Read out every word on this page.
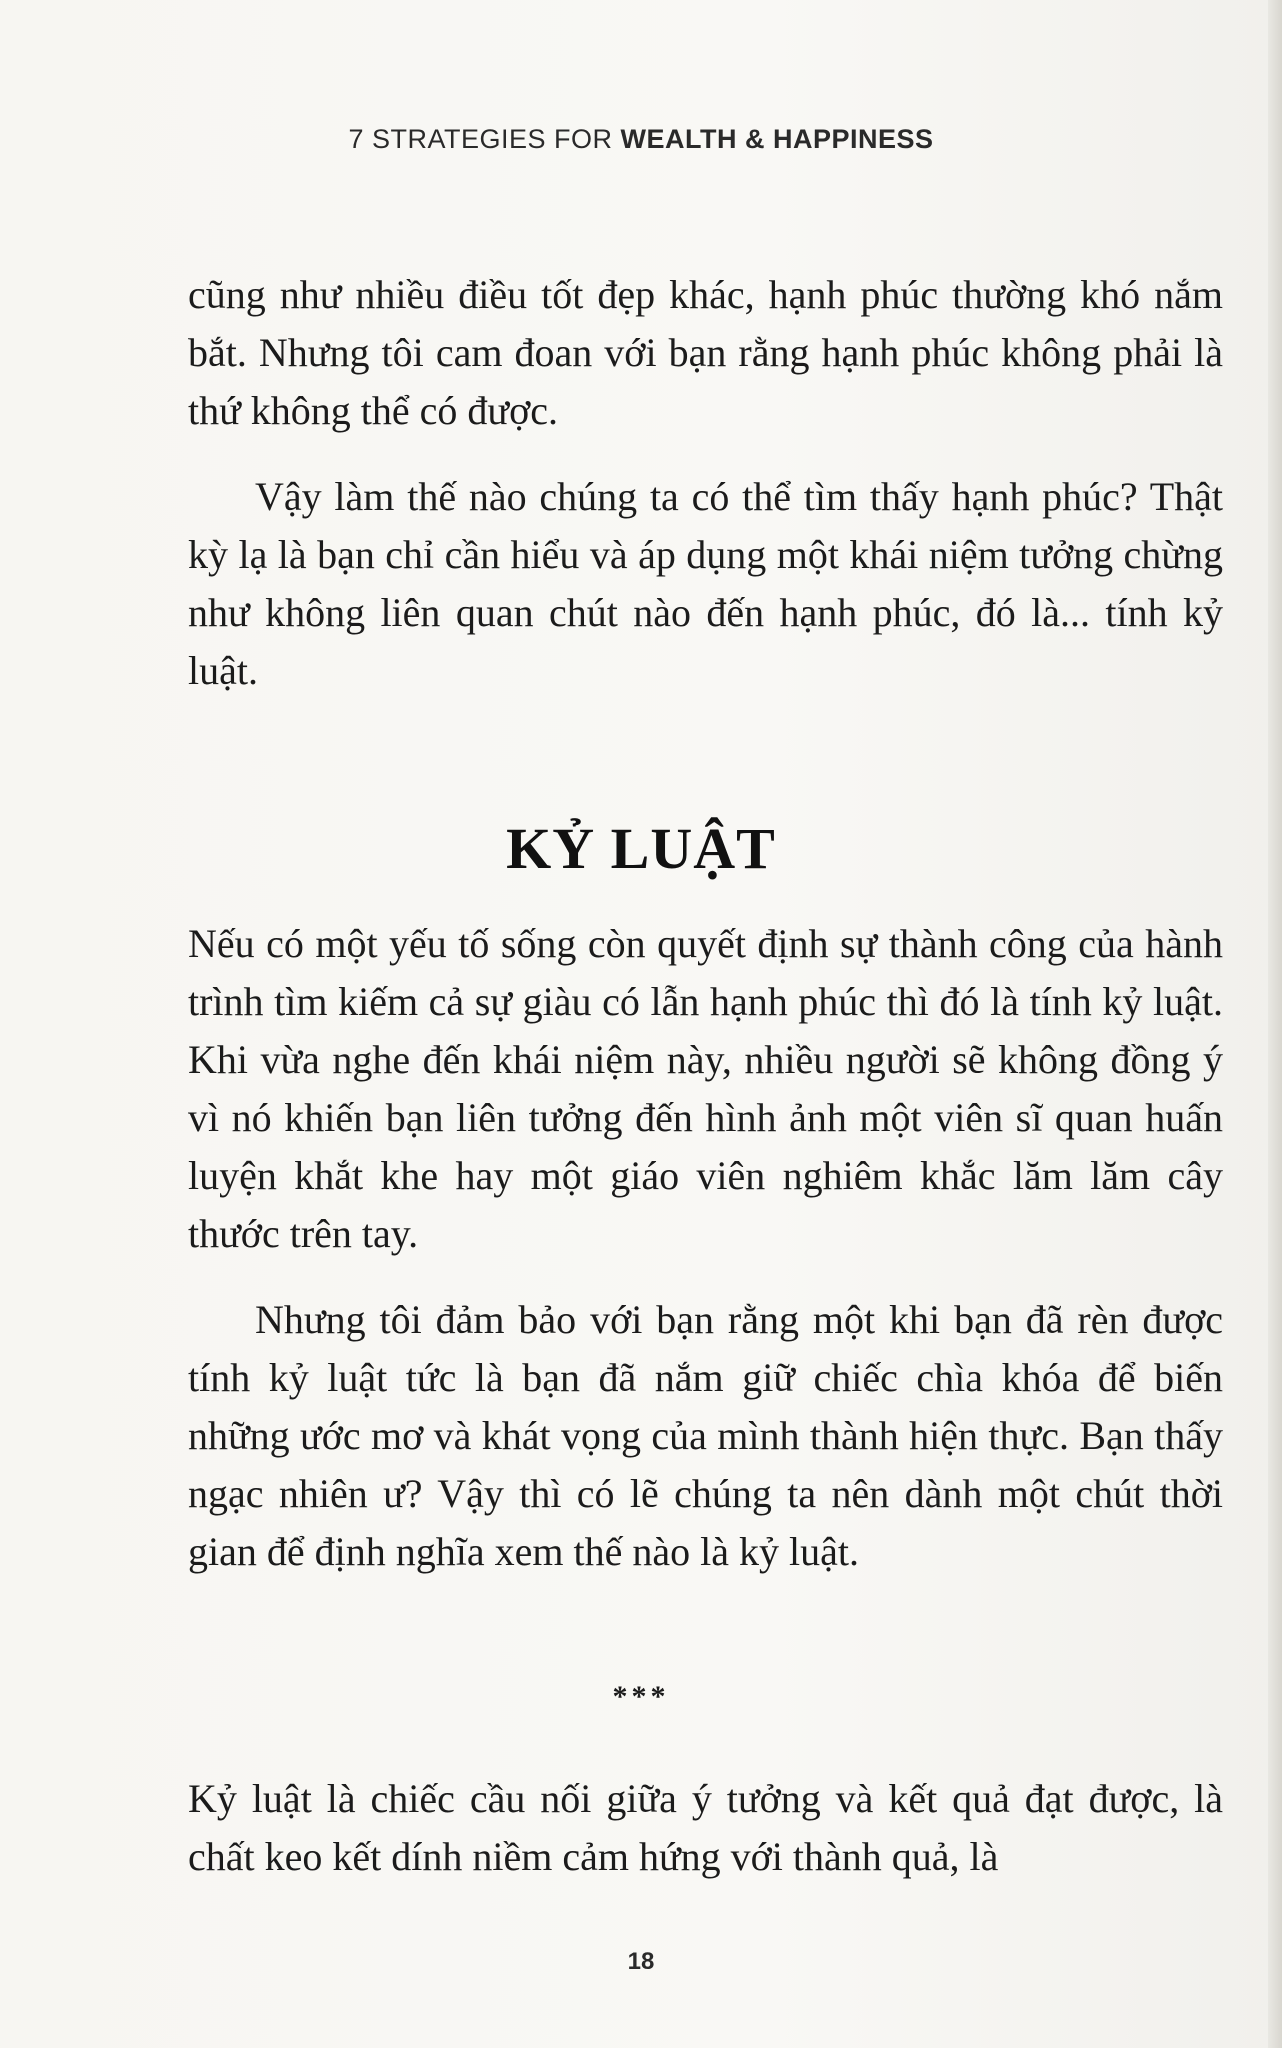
7 STRATEGIES FOR WEALTH & HAPPINESS

cũng như nhiều điều tốt đẹp khác, hạnh phúc thường khó nắm bắt. Nhưng tôi cam đoan với bạn rằng hạnh phúc không phải là thứ không thể có được.

Vậy làm thế nào chúng ta có thể tìm thấy hạnh phúc? Thật kỳ lạ là bạn chỉ cần hiểu và áp dụng một khái niệm tưởng chừng như không liên quan chút nào đến hạnh phúc, đó là... tính kỷ luật.

KỶ LUẬT

Nếu có một yếu tố sống còn quyết định sự thành công của hành trình tìm kiếm cả sự giàu có lẫn hạnh phúc thì đó là tính kỷ luật. Khi vừa nghe đến khái niệm này, nhiều người sẽ không đồng ý vì nó khiến bạn liên tưởng đến hình ảnh một viên sĩ quan huấn luyện khắt khe hay một giáo viên nghiêm khắc lăm lăm cây thước trên tay.

Nhưng tôi đảm bảo với bạn rằng một khi bạn đã rèn được tính kỷ luật tức là bạn đã nắm giữ chiếc chìa khóa để biến những ước mơ và khát vọng của mình thành hiện thực. Bạn thấy ngạc nhiên ư? Vậy thì có lẽ chúng ta nên dành một chút thời gian để định nghĩa xem thế nào là kỷ luật.

***

Kỷ luật là chiếc cầu nối giữa ý tưởng và kết quả đạt được, là chất keo kết dính niềm cảm hứng với thành quả, là

18
